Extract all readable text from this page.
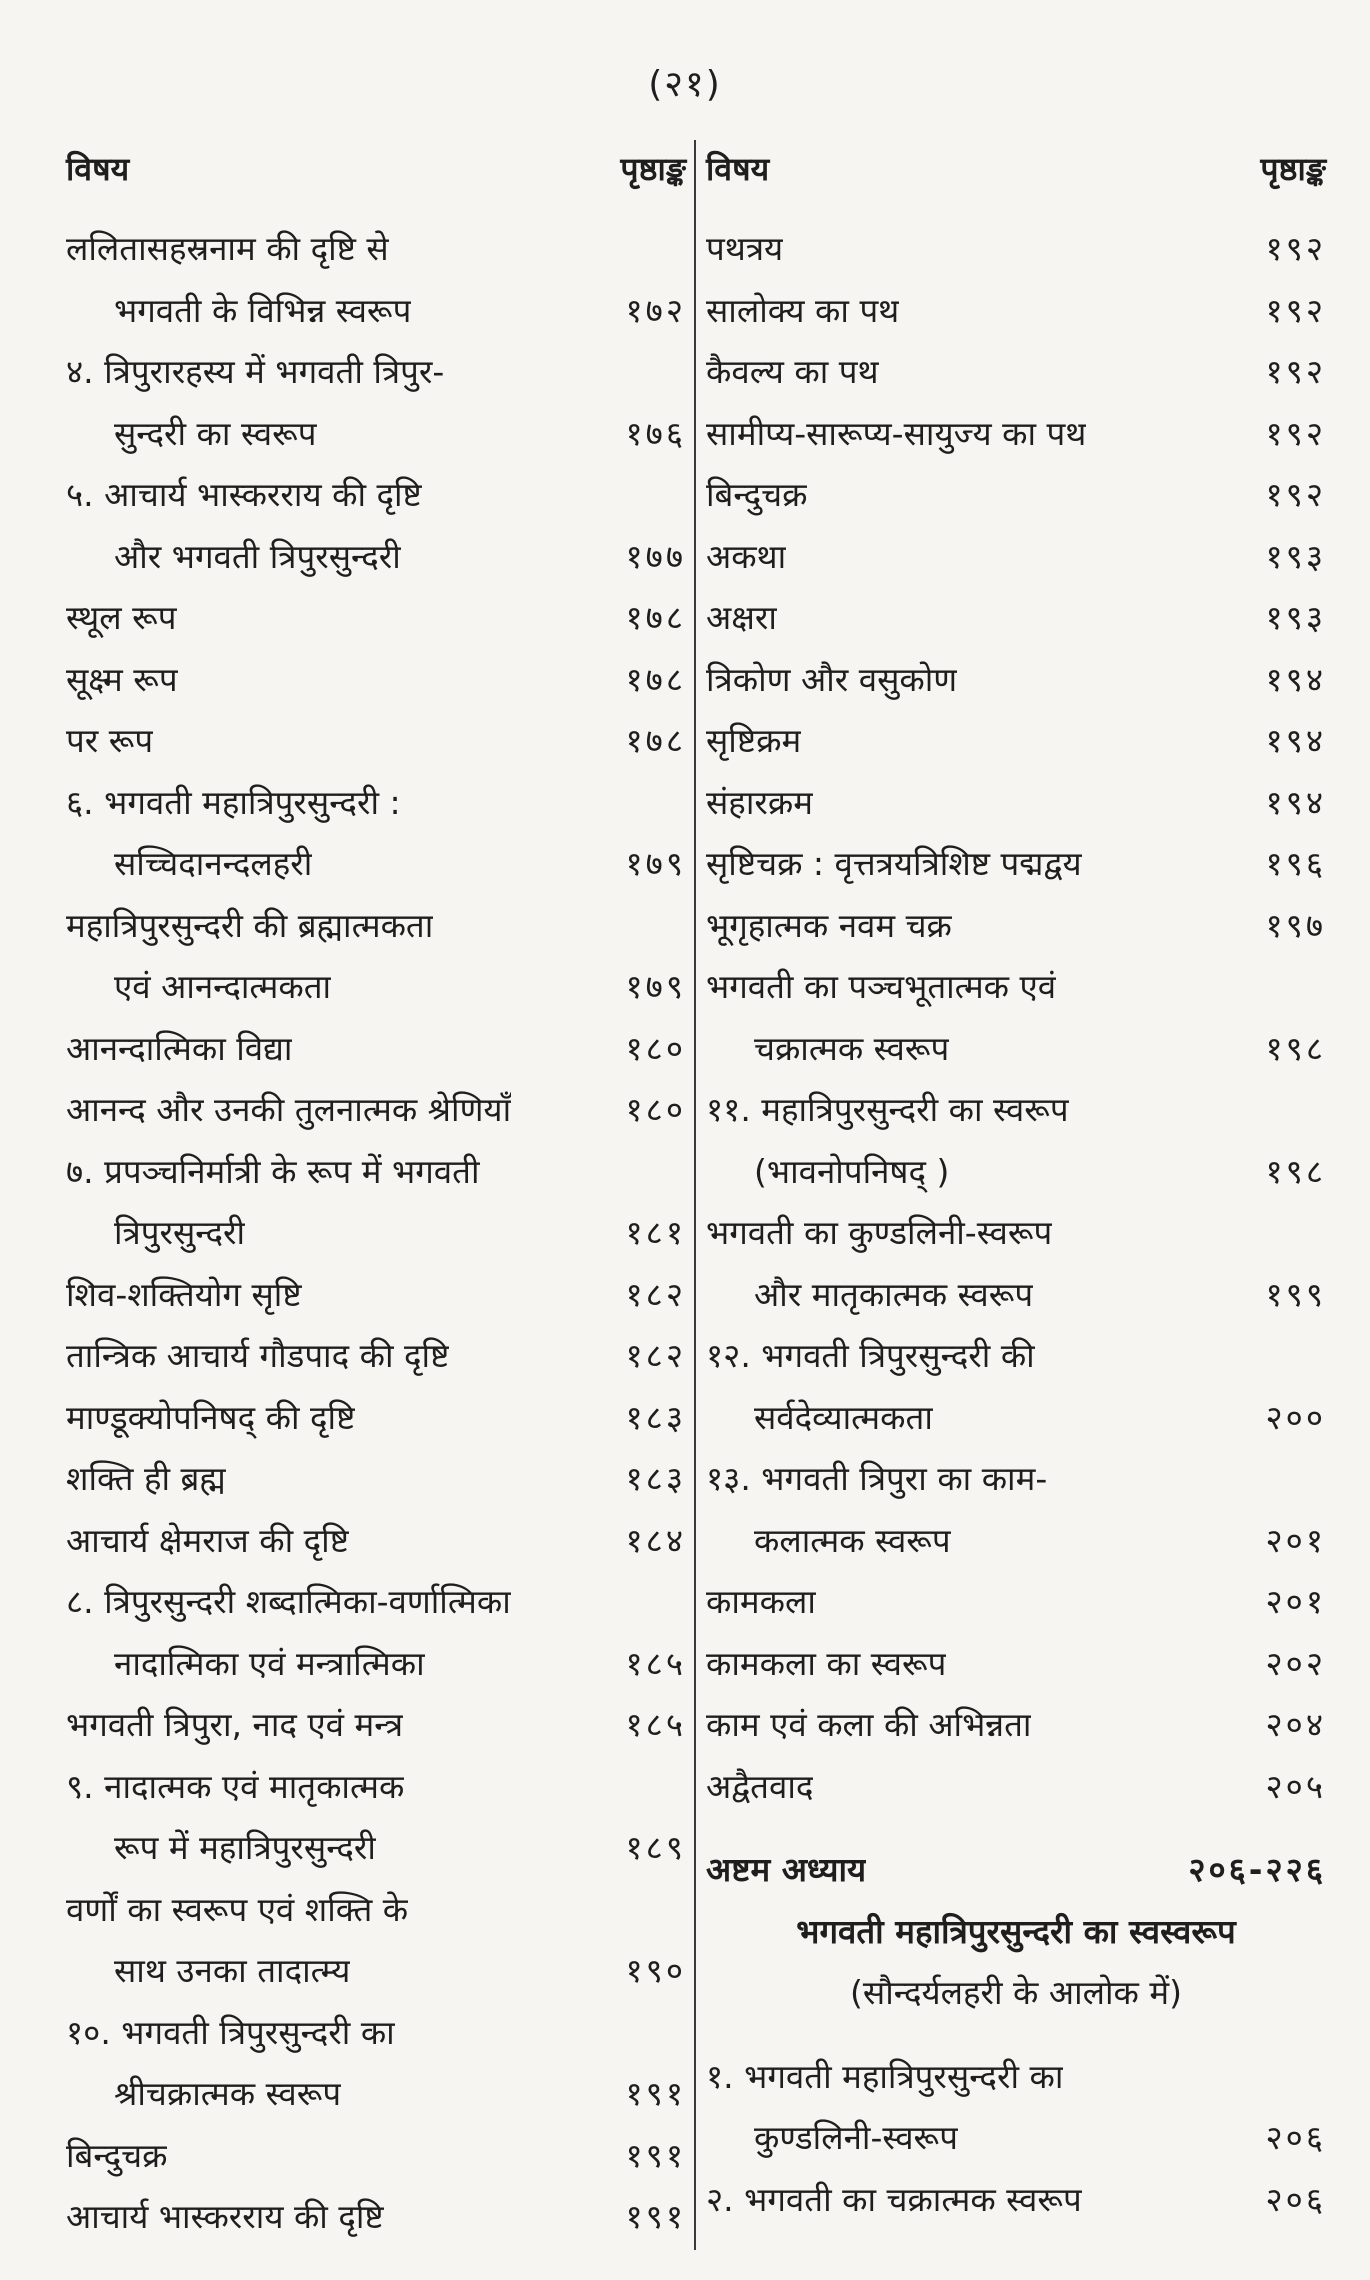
(२१)
विषय	पृष्ठाङ्क
ललितासहस्रनाम की दृष्टि से
भगवती के विभिन्न स्वरूप	१७२
४. त्रिपुरारहस्य में भगवती त्रिपुर-
सुन्दरी का स्वरूप	१७६
५. आचार्य भास्करराय की दृष्टि
और भगवती त्रिपुरसुन्दरी	१७७
स्थूल रूप	१७८
सूक्ष्म रूप	१७८
पर रूप	१७८
६. भगवती महात्रिपुरसुन्दरी :
सच्चिदानन्दलहरी	१७९
महात्रिपुरसुन्दरी की ब्रह्मात्मकता
एवं आनन्दात्मकता	१७९
आनन्दात्मिका विद्या	१८०
आनन्द और उनकी तुलनात्मक श्रेणियाँ	१८०
७. प्रपञ्चनिर्मात्री के रूप में भगवती
त्रिपुरसुन्दरी	१८१
शिव-शक्तियोग सृष्टि	१८२
तान्त्रिक आचार्य गौडपाद की दृष्टि	१८२
माण्डूक्योपनिषद् की दृष्टि	१८३
शक्ति ही ब्रह्म	१८३
आचार्य क्षेमराज की दृष्टि	१८४
८. त्रिपुरसुन्दरी शब्दात्मिका-वर्णात्मिका
नादात्मिका एवं मन्त्रात्मिका	१८५
भगवती त्रिपुरा, नाद एवं मन्त्र	१८५
९. नादात्मक एवं मातृकात्मक
रूप में महात्रिपुरसुन्दरी	१८९
वर्णों का स्वरूप एवं शक्ति के
साथ उनका तादात्म्य	१९०
१०. भगवती त्रिपुरसुन्दरी का
श्रीचक्रात्मक स्वरूप	१९१
बिन्दुचक्र	१९१
आचार्य भास्करराय की दृष्टि	१९१
विषय	पृष्ठाङ्क
पथत्रय	१९२
सालोक्य का पथ	१९२
कैवल्य का पथ	१९२
सामीप्य-सारूप्य-सायुज्य का पथ	१९२
बिन्दुचक्र	१९२
अकथा	१९३
अक्षरा	१९३
त्रिकोण और वसुकोण	१९४
सृष्टिक्रम	१९४
संहारक्रम	१९४
सृष्टिचक्र : वृत्तत्रयत्रिशिष्ट पद्मद्वय	१९६
भूगृहात्मक नवम चक्र	१९७
भगवती का पञ्चभूतात्मक एवं
चक्रात्मक स्वरूप	१९८
११. महात्रिपुरसुन्दरी का स्वरूप
(भावनोपनिषद् )	१९८
भगवती का कुण्डलिनी-स्वरूप
और मातृकात्मक स्वरूप	१९९
१२. भगवती त्रिपुरसुन्दरी की
सर्वदेव्यात्मकता	२००
१३. भगवती त्रिपुरा का काम-
कलात्मक स्वरूप	२०१
कामकला	२०१
कामकला का स्वरूप	२०२
काम एवं कला की अभिन्नता	२०४
अद्वैतवाद	२०५
अष्टम अध्याय	२०६-२२६
भगवती महात्रिपुरसुन्दरी का स्वस्वरूप
(सौन्दर्यलहरी के आलोक में)
१. भगवती महात्रिपुरसुन्दरी का
कुण्डलिनी-स्वरूप	२०६
२. भगवती का चक्रात्मक स्वरूप	२०६
